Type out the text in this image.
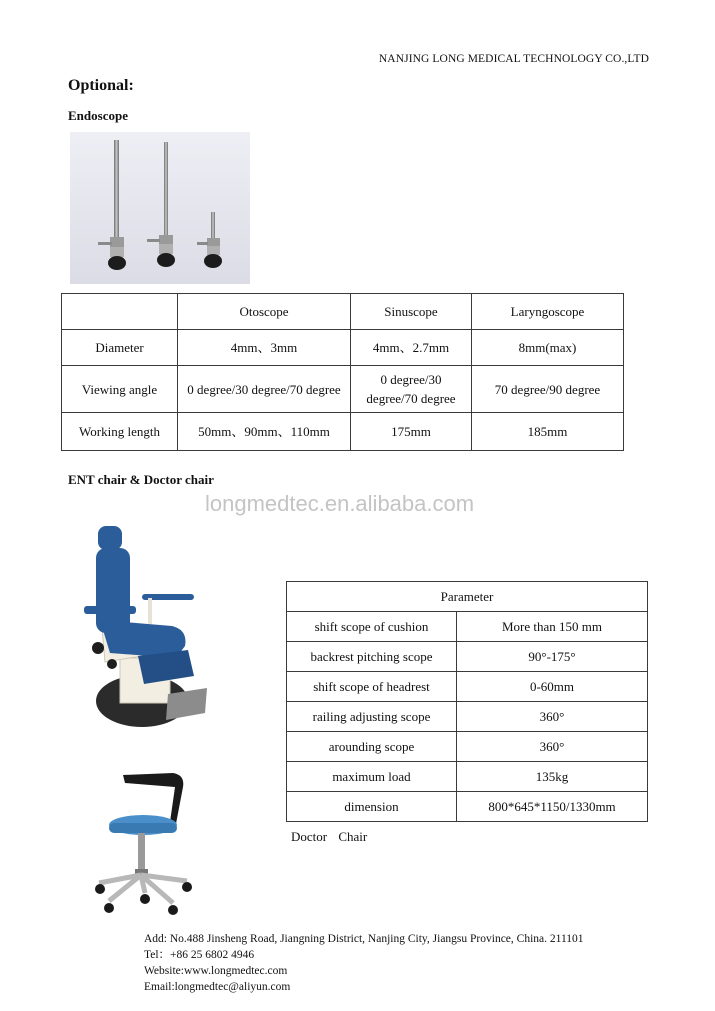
NANJING LONG MEDICAL TECHNOLOGY CO.,LTD
Optional:
Endoscope
	Otoscope	Sinuscope	Laryngoscope
Diameter	4mm、3mm	4mm、2.7mm	8mm(max)
Viewing angle	0 degree/30 degree/70 degree	0 degree/30 degree/70 degree	70 degree/90 degree
Working length	50mm、90mm、110mm	175mm	185mm
ENT chair & Doctor chair
longmedtec.en.alibaba.com
Parameter	
shift scope of cushion	More than 150 mm
backrest pitching scope	90°-175°
shift scope of headrest	0-60mm
railing adjusting scope	360°
arounding scope	360°
maximum load	135kg
dimension	800*645*1150/1330mm
Doctor Chair
Add: No.488 Jinsheng Road, Jiangning District, Nanjing City, Jiangsu Province, China. 211101
Tel：+86 25 6802 4946
Website:www.longmedtec.com
Email:longmedtec@aliyun.com
